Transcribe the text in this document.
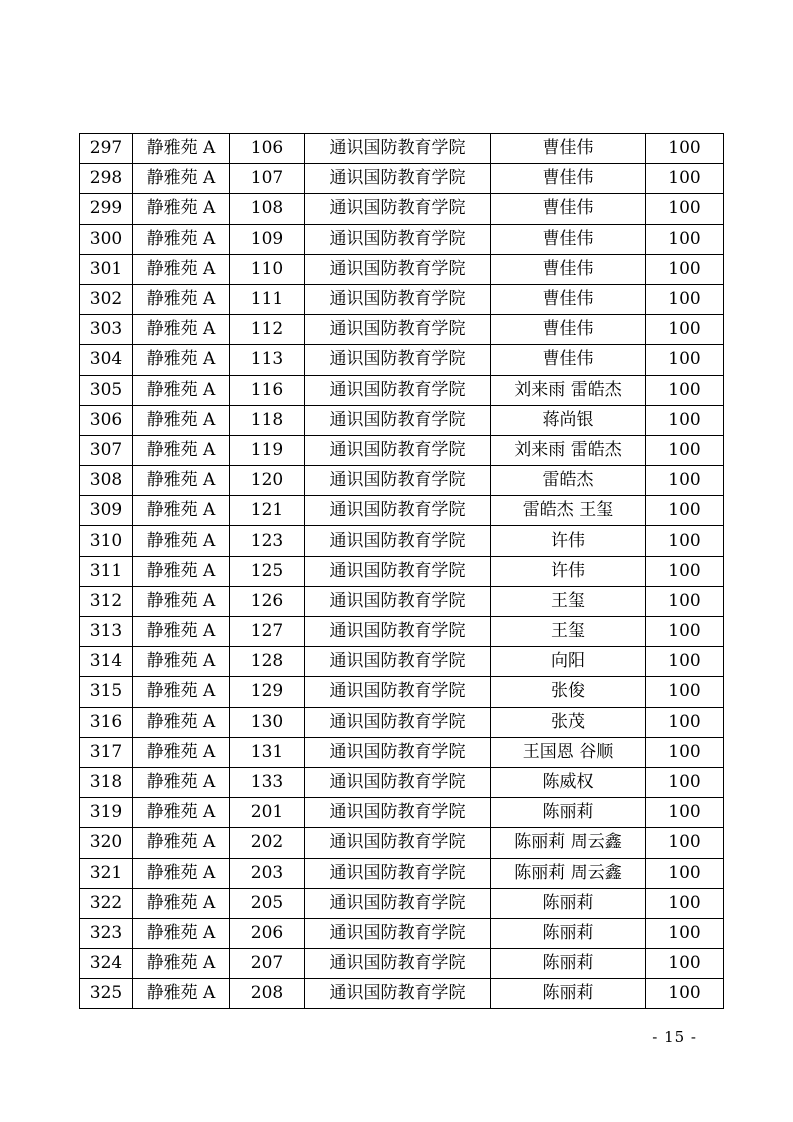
297	静雅苑 A	106	通识国防教育学院	曹佳伟	100
298	静雅苑 A	107	通识国防教育学院	曹佳伟	100
299	静雅苑 A	108	通识国防教育学院	曹佳伟	100
300	静雅苑 A	109	通识国防教育学院	曹佳伟	100
301	静雅苑 A	110	通识国防教育学院	曹佳伟	100
302	静雅苑 A	111	通识国防教育学院	曹佳伟	100
303	静雅苑 A	112	通识国防教育学院	曹佳伟	100
304	静雅苑 A	113	通识国防教育学院	曹佳伟	100
305	静雅苑 A	116	通识国防教育学院	刘来雨 雷皓杰	100
306	静雅苑 A	118	通识国防教育学院	蒋尚银	100
307	静雅苑 A	119	通识国防教育学院	刘来雨 雷皓杰	100
308	静雅苑 A	120	通识国防教育学院	雷皓杰	100
309	静雅苑 A	121	通识国防教育学院	雷皓杰 王玺	100
310	静雅苑 A	123	通识国防教育学院	许伟	100
311	静雅苑 A	125	通识国防教育学院	许伟	100
312	静雅苑 A	126	通识国防教育学院	王玺	100
313	静雅苑 A	127	通识国防教育学院	王玺	100
314	静雅苑 A	128	通识国防教育学院	向阳	100
315	静雅苑 A	129	通识国防教育学院	张俊	100
316	静雅苑 A	130	通识国防教育学院	张茂	100
317	静雅苑 A	131	通识国防教育学院	王国恩 谷顺	100
318	静雅苑 A	133	通识国防教育学院	陈威权	100
319	静雅苑 A	201	通识国防教育学院	陈丽莉	100
320	静雅苑 A	202	通识国防教育学院	陈丽莉 周云鑫	100
321	静雅苑 A	203	通识国防教育学院	陈丽莉 周云鑫	100
322	静雅苑 A	205	通识国防教育学院	陈丽莉	100
323	静雅苑 A	206	通识国防教育学院	陈丽莉	100
324	静雅苑 A	207	通识国防教育学院	陈丽莉	100
325	静雅苑 A	208	通识国防教育学院	陈丽莉	100
- 15 -
